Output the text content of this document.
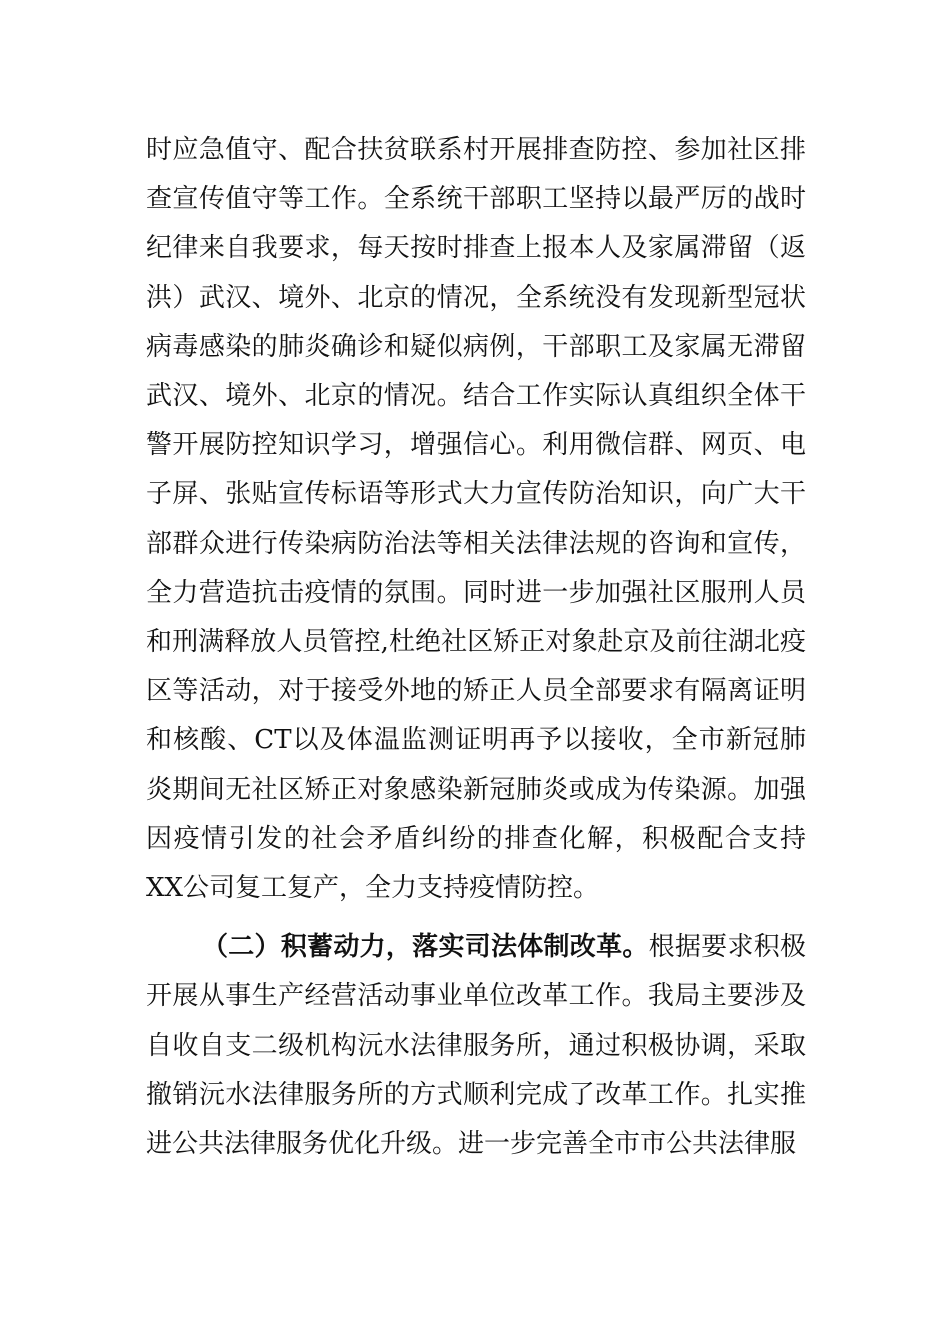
时应急值守、配合扶贫联系村开展排查防控、参加社区排查宣传值守等工作。全系统干部职工坚持以最严厉的战时纪律来自我要求，每天按时排查上报本人及家属滞留（返洪）武汉、境外、北京的情况，全系统没有发现新型冠状病毒感染的肺炎确诊和疑似病例，干部职工及家属无滞留武汉、境外、北京的情况。结合工作实际认真组织全体干警开展防控知识学习，增强信心。利用微信群、网页、电子屏、张贴宣传标语等形式大力宣传防治知识，向广大干部群众进行传染病防治法等相关法律法规的咨询和宣传，全力营造抗击疫情的氛围。同时进一步加强社区服刑人员和刑满释放人员管控,杜绝社区矫正对象赴京及前往湖北疫区等活动，对于接受外地的矫正人员全部要求有隔离证明和核酸、CT以及体温监测证明再予以接收，全市新冠肺炎期间无社区矫正对象感染新冠肺炎或成为传染源。加强因疫情引发的社会矛盾纠纷的排查化解，积极配合支持XX公司复工复产，全力支持疫情防控。

（二）积蓄动力，落实司法体制改革。根据要求积极开展从事生产经营活动事业单位改革工作。我局主要涉及自收自支二级机构沅水法律服务所，通过积极协调，采取撤销沅水法律服务所的方式顺利完成了改革工作。扎实推进公共法律服务优化升级。进一步完善全市市公共法律服
